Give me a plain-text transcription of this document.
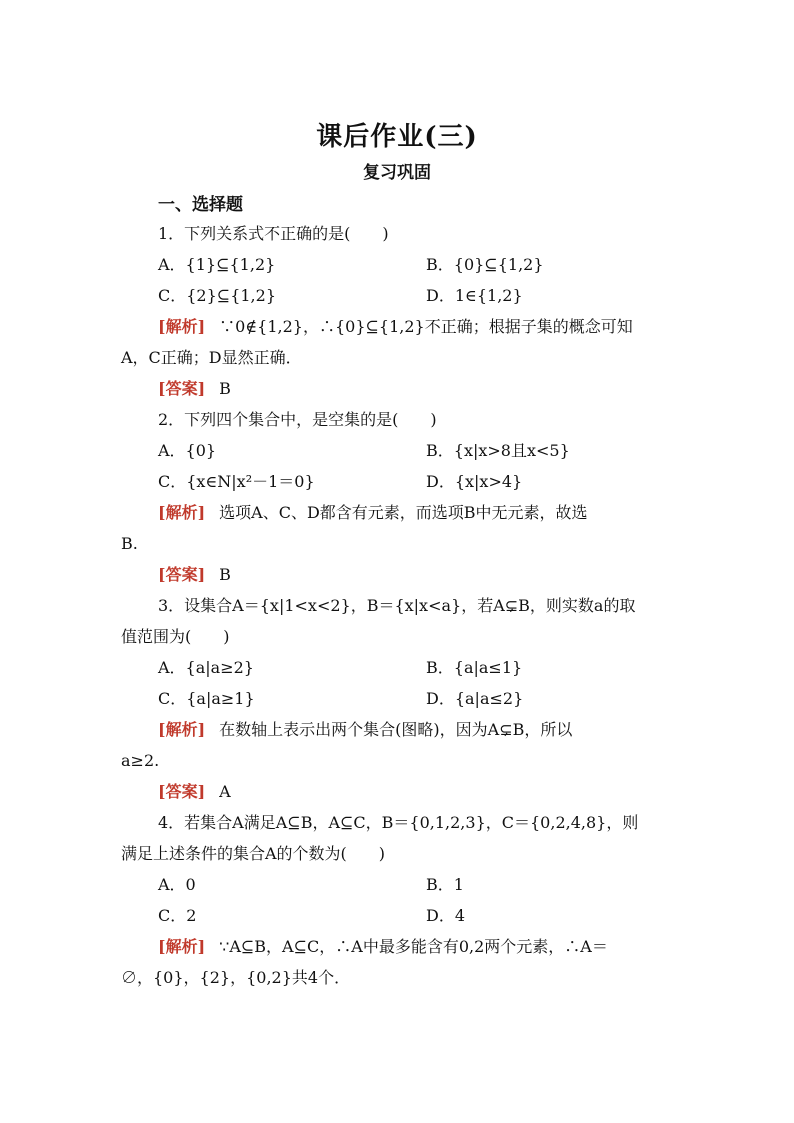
课后作业(三)
复习巩固
一、选择题
1．下列关系式不正确的是(　　)
A．{1}⊆{1,2}	B．{0}⊆{1,2}
C．{2}⊆{1,2}	D．1∈{1,2}
[解析] ∵0∉{1,2}，∴{0}⊆{1,2}不正确；根据子集的概念可知
A，C正确；D显然正确．
[答案] B
2．下列四个集合中，是空集的是(　　)
A．{0}	B．{x|x>8且x<5}
C．{x∈N|x²－1＝0}	D．{x|x>4}
[解析] 选项A、C、D都含有元素，而选项B中无元素，故选
B.
[答案] B
3．设集合A＝{x|1<x<2}，B＝{x|x<a}，若A⊊B，则实数a的取
值范围为(　　)
A．{a|a≥2}	B．{a|a≤1}
C．{a|a≥1}	D．{a|a≤2}
[解析] 在数轴上表示出两个集合(图略)，因为A⊊B，所以
a≥2.
[答案] A
4．若集合A满足A⊆B，A⊆C，B＝{0,1,2,3}，C＝{0,2,4,8}，则
满足上述条件的集合A的个数为(　　)
A．0	B．1
C．2	D．4
[解析] ∵A⊆B，A⊆C，∴A中最多能含有0,2两个元素，∴A＝
∅，{0}，{2}，{0,2}共4个．
